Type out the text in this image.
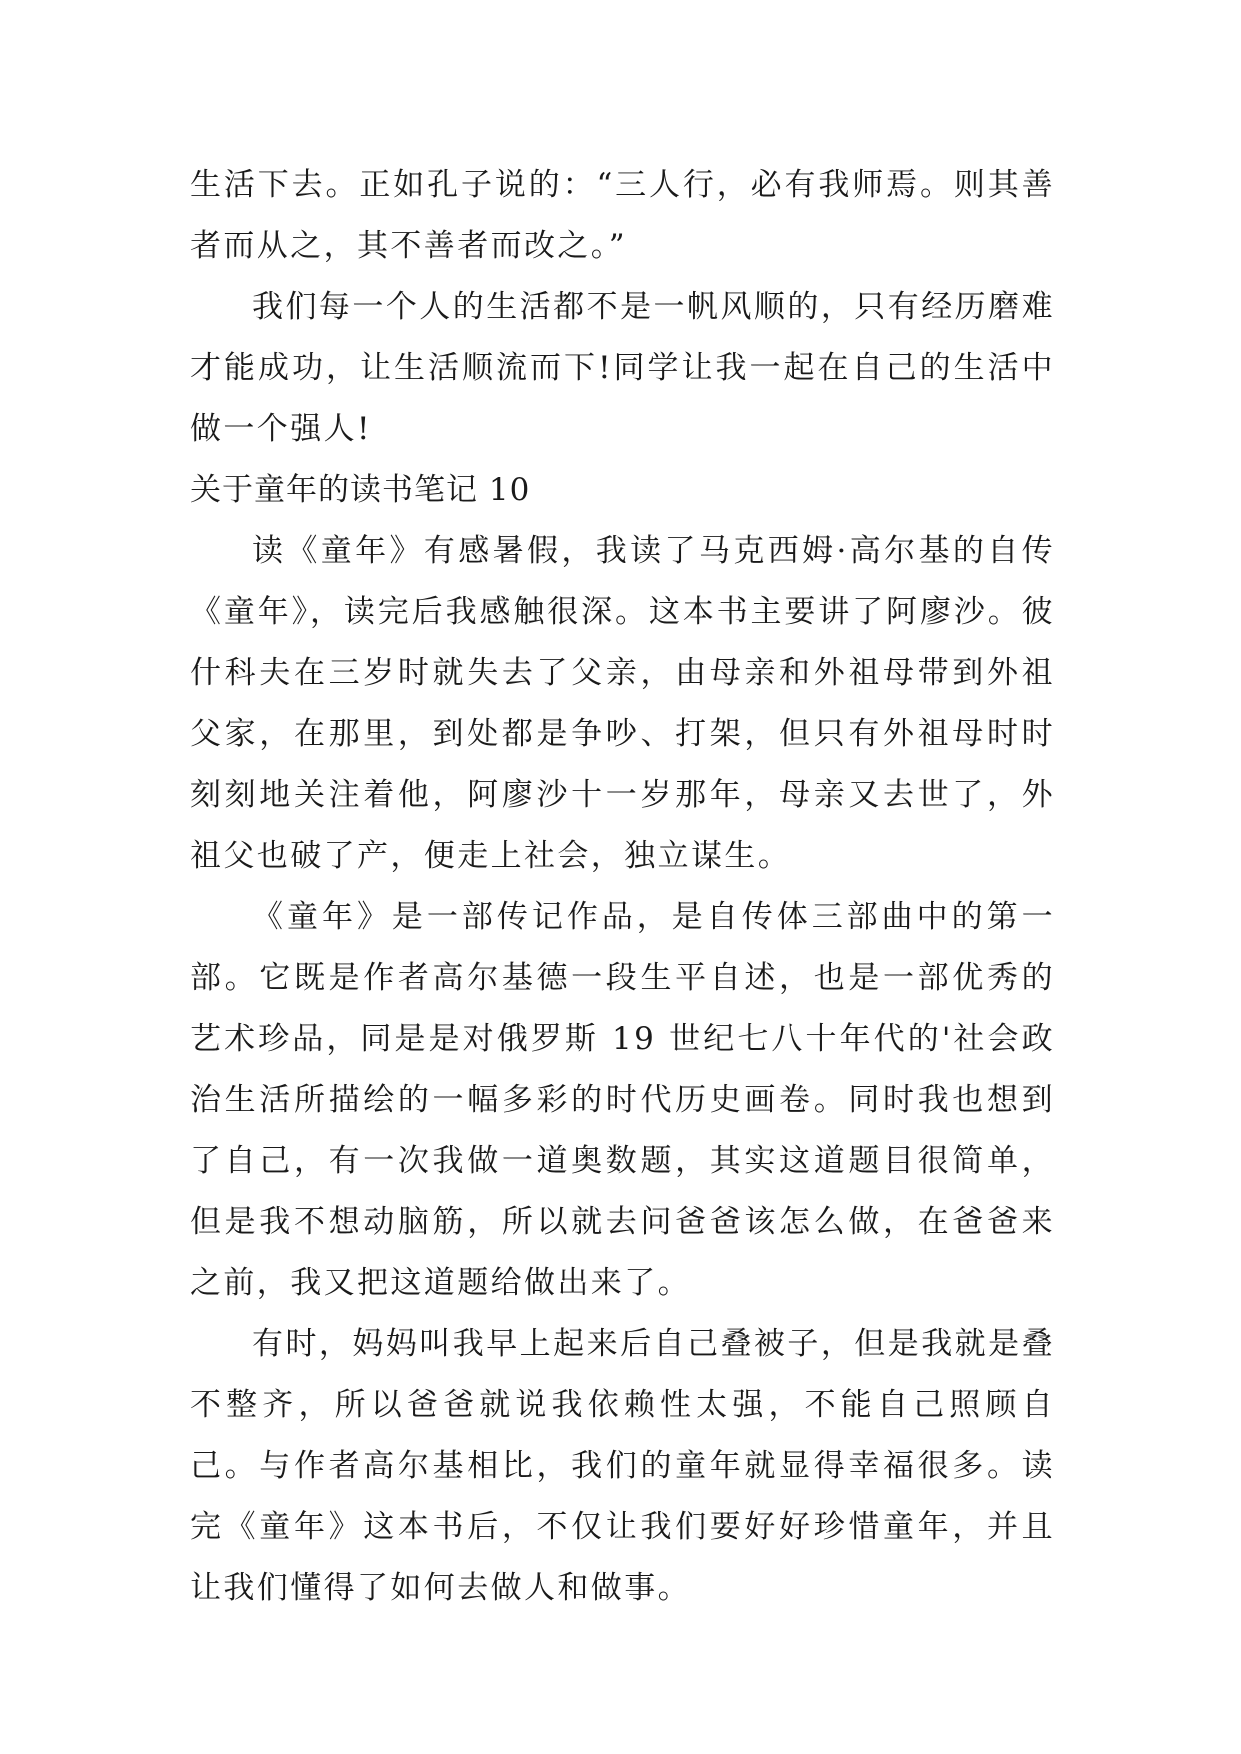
生活下去。正如孔子说的：“三人行，必有我师焉。则其善者而从之，其不善者而改之。”

我们每一个人的生活都不是一帆风顺的，只有经历磨难才能成功，让生活顺流而下!同学让我一起在自己的生活中做一个强人!

关于童年的读书笔记 10

读《童年》有感暑假，我读了马克西姆·高尔基的自传《童年》，读完后我感触很深。这本书主要讲了阿廖沙。彼什科夫在三岁时就失去了父亲，由母亲和外祖母带到外祖父家，在那里，到处都是争吵、打架，但只有外祖母时时刻刻地关注着他，阿廖沙十一岁那年，母亲又去世了，外祖父也破了产，便走上社会，独立谋生。

《童年》是一部传记作品，是自传体三部曲中的第一部。它既是作者高尔基德一段生平自述，也是一部优秀的艺术珍品，同是是对俄罗斯 19 世纪七八十年代的'社会政治生活所描绘的一幅多彩的时代历史画卷。同时我也想到了自己，有一次我做一道奥数题，其实这道题目很简单，但是我不想动脑筋，所以就去问爸爸该怎么做，在爸爸来之前，我又把这道题给做出来了。

有时，妈妈叫我早上起来后自己叠被子，但是我就是叠不整齐，所以爸爸就说我依赖性太强，不能自己照顾自己。与作者高尔基相比，我们的童年就显得幸福很多。读完《童年》这本书后，不仅让我们要好好珍惜童年，并且让我们懂得了如何去做人和做事。
